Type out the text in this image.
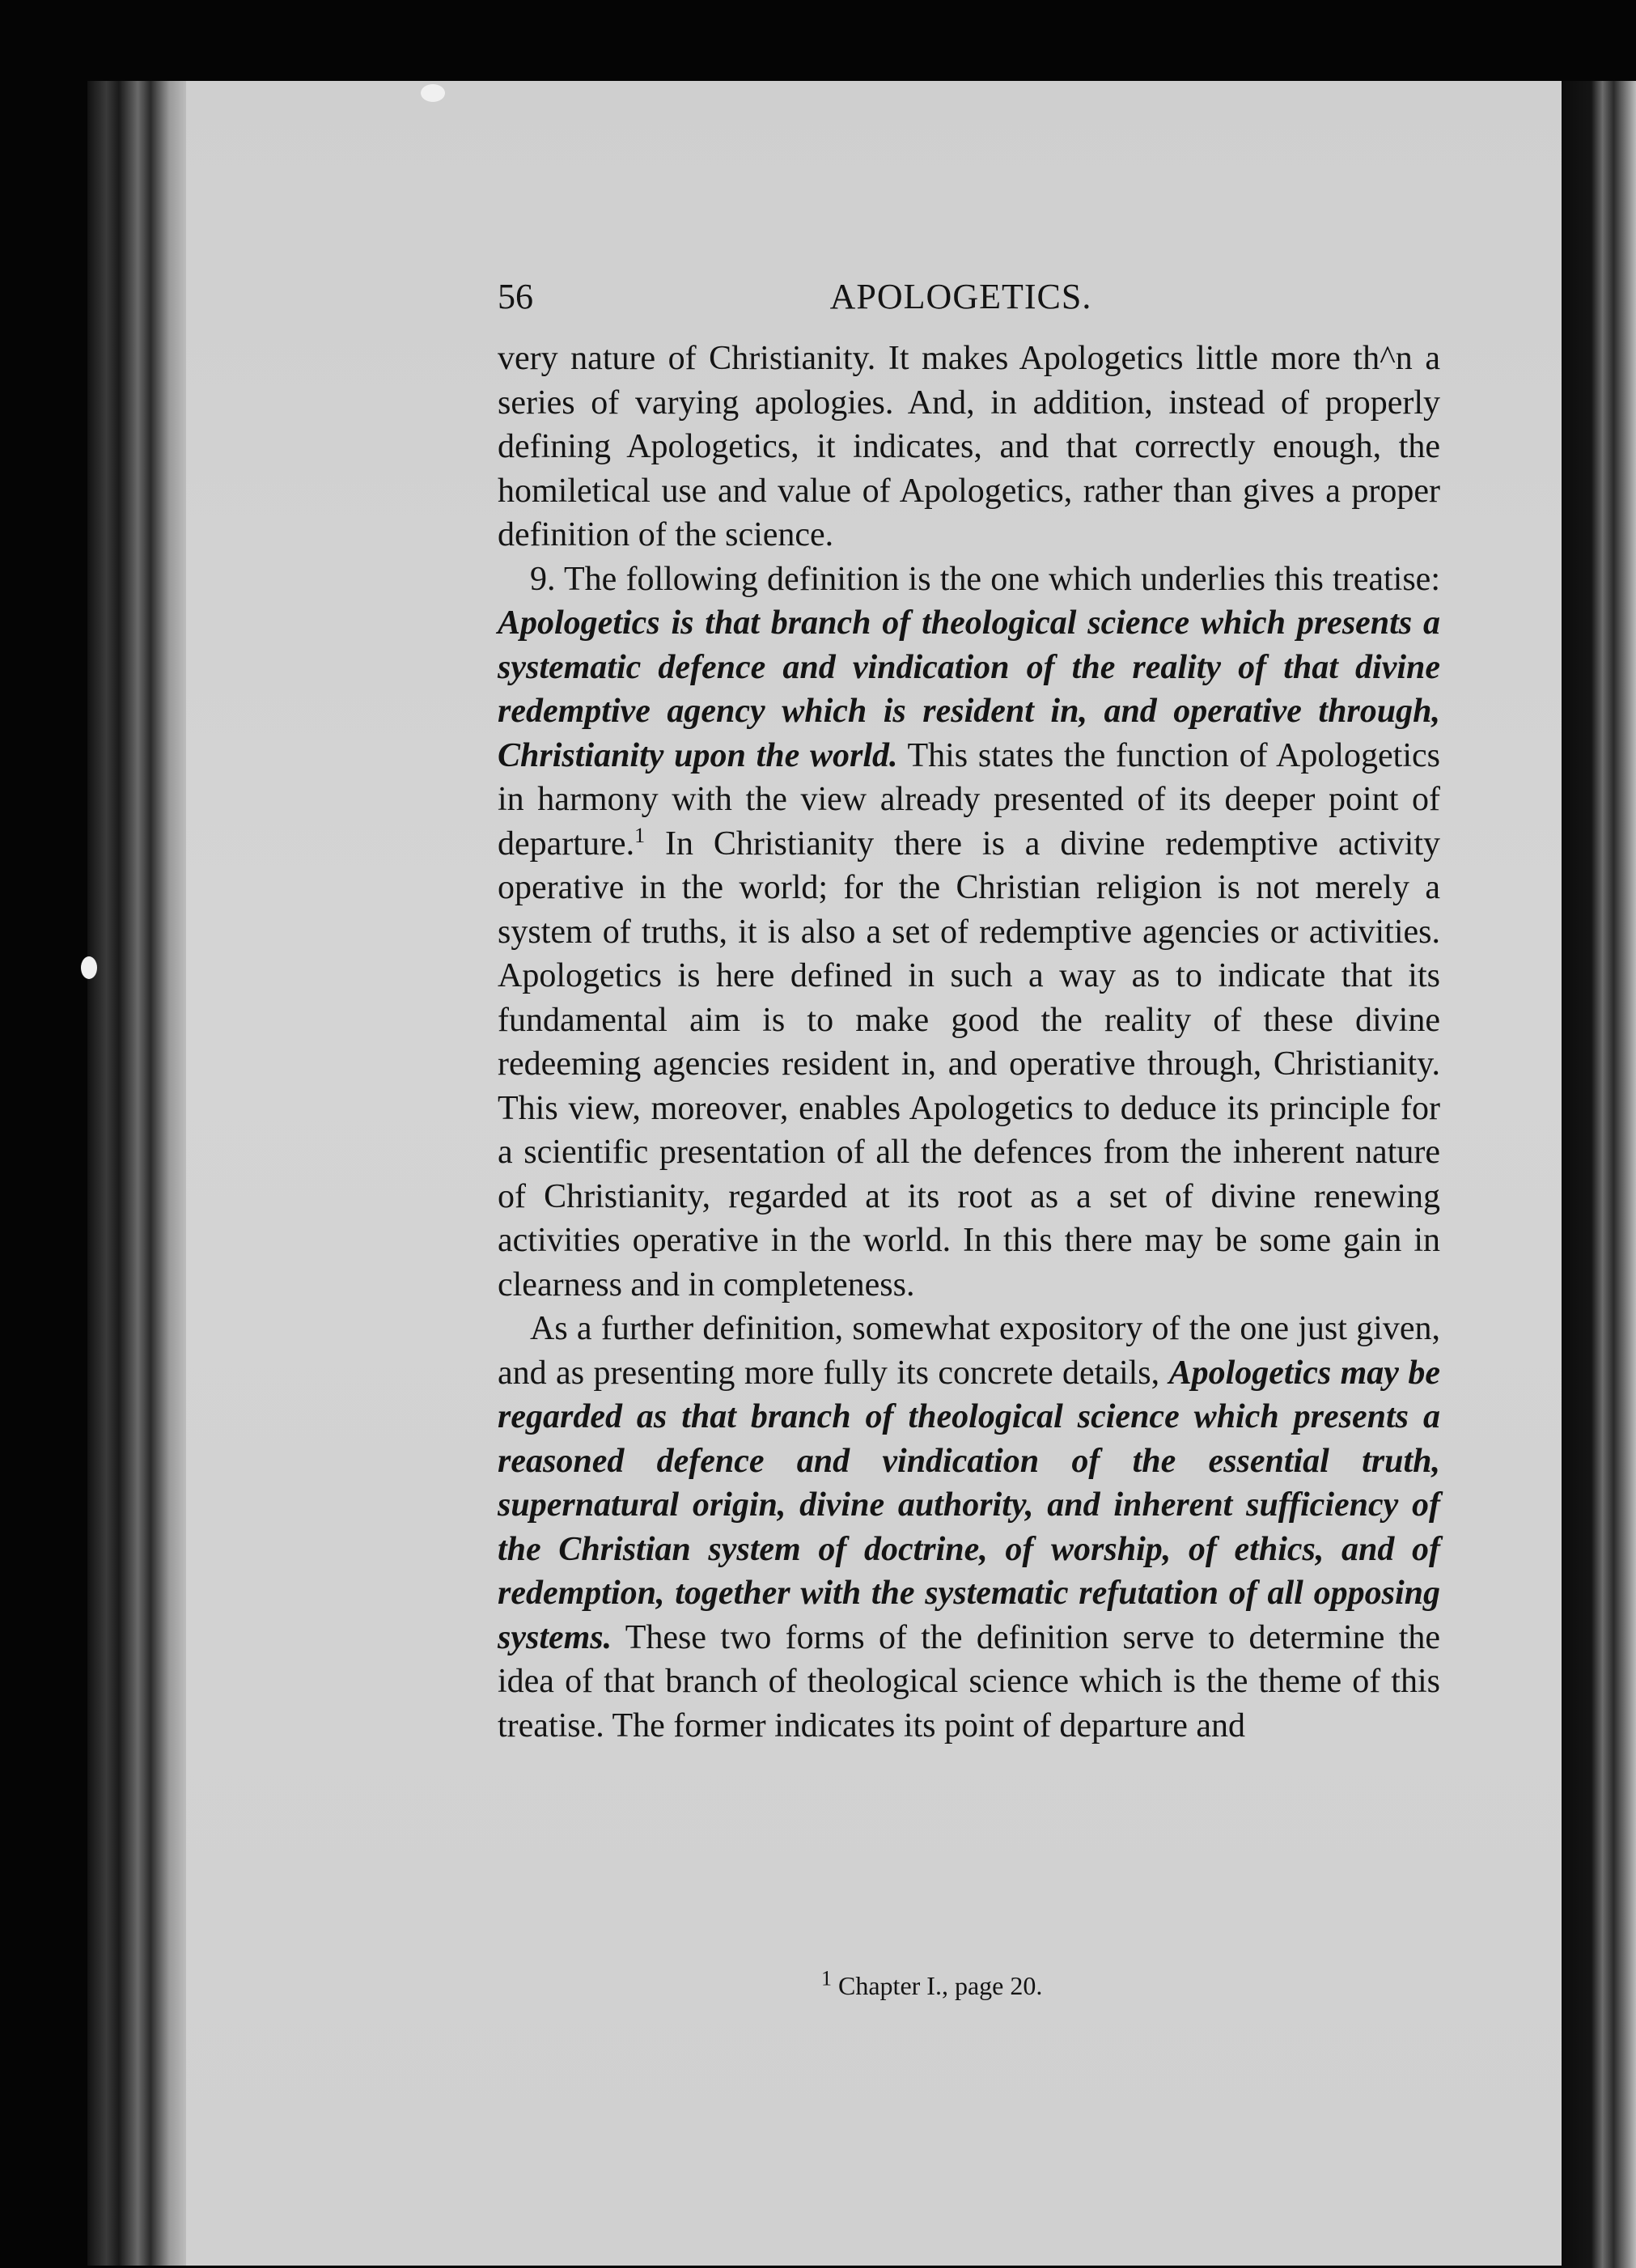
56	APOLOGETICS.

very nature of Christianity. It makes Apologetics little more th^n a series of varying apologies. And, in addition, instead of properly defining Apologetics, it indicates, and that correctly enough, the homiletical use and value of Apologetics, rather than gives a proper definition of the science.

9. The following definition is the one which underlies this treatise: Apologetics is that branch of theological science which presents a systematic defence and vindication of the reality of that divine redemptive agency which is resident in, and operative through, Christianity upon the world. This states the function of Apologetics in harmony with the view already presented of its deeper point of departure.$^1$ In Christianity there is a divine redemptive activity operative in the world; for the Christian religion is not merely a system of truths, it is also a set of redemptive agencies or activities. Apologetics is here defined in such a way as to indicate that its fundamental aim is to make good the reality of these divine redeeming agencies resident in, and operative through, Christianity. This view, moreover, enables Apologetics to deduce its principle for a scientific presentation of all the defences from the inherent nature of Christianity, regarded at its root as a set of divine renewing activities operative in the world. In this there may be some gain in clearness and in completeness.

As a further definition, somewhat expository of the one just given, and as presenting more fully its concrete details, Apologetics may be regarded as that branch of theological science which presents a reasoned defence and vindication of the essential truth, supernatural origin, divine authority, and inherent sufficiency of the Christian system of doctrine, of worship, of ethics, and of redemption, together with the systematic refutation of all opposing systems. These two forms of the definition serve to determine the idea of that branch of theological science which is the theme of this treatise. The former indicates its point of departure and

$^1$ Chapter I., page 20.
